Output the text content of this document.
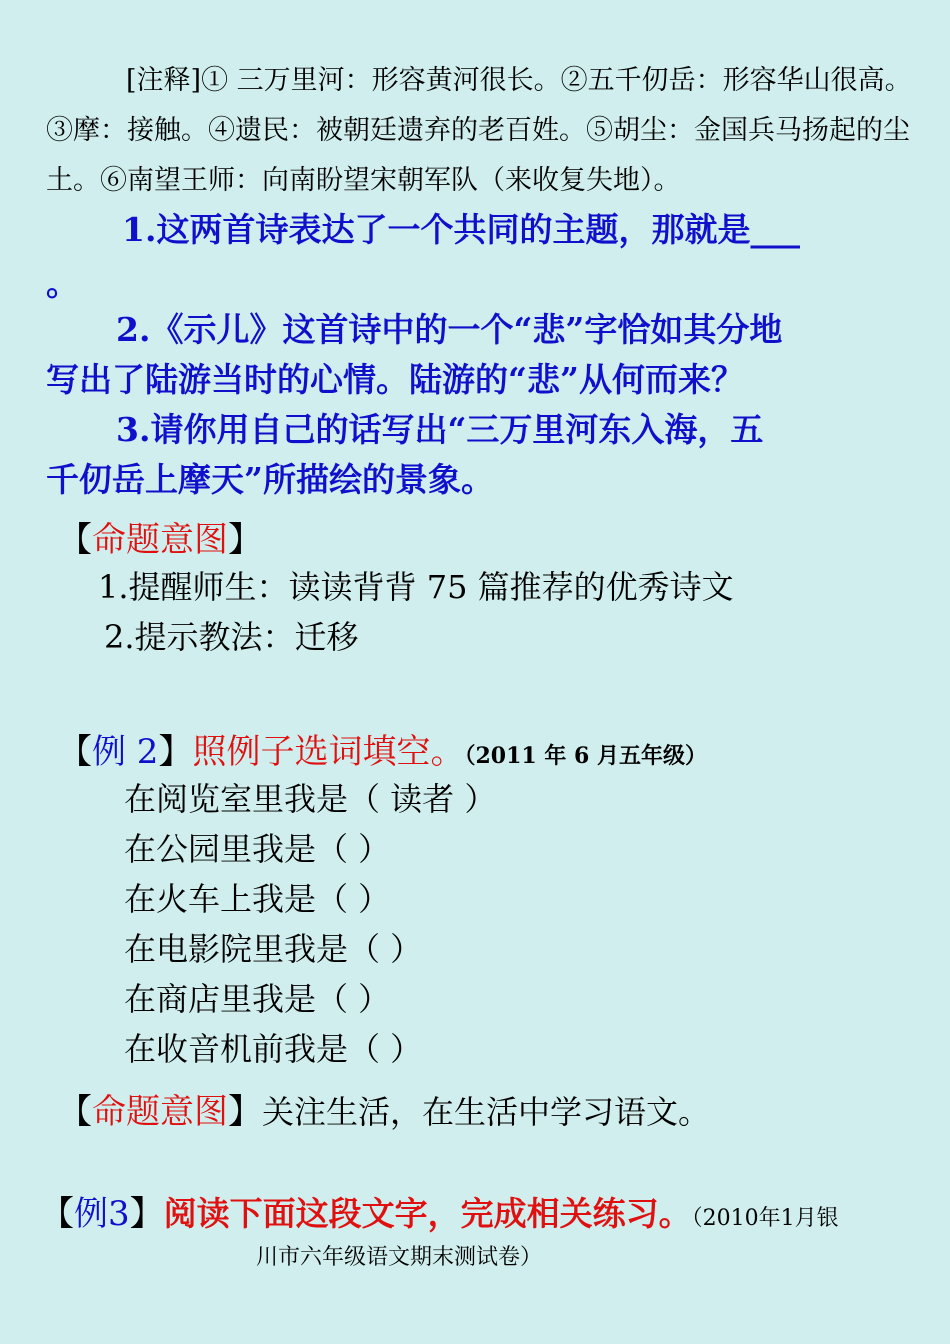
[注释]① 三万里河：形容黄河很长。②五千仞岳：形容华山很高。
③摩：接触。④遗民：被朝廷遗弃的老百姓。⑤胡尘：金国兵马扬起的尘
土。⑥南望王师：向南盼望宋朝军队（来收复失地）。
1.这两首诗表达了一个共同的主题，那就是___
。
2.《示儿》这首诗中的一个“悲”字恰如其分地
写出了陆游当时的心情。陆游的“悲”从何而来？
3.请你用自己的话写出“三万里河东入海，五
千仞岳上摩天”所描绘的景象。
【命题意图】
1.提醒师生：读读背背 75 篇推荐的优秀诗文
2.提示教法：迁移
【例 2】照例子选词填空。（2011 年 6 月五年级）
在阅览室里我是（ 读者 ）
在公园里我是（ ）
在火车上我是（ ）
在电影院里我是（ ）
在商店里我是（ ）
在收音机前我是（ ）
【命题意图】关注生活，在生活中学习语文。
【例3】阅读下面这段文字，完成相关练习。（2010年1月银
川市六年级语文期末测试卷）
